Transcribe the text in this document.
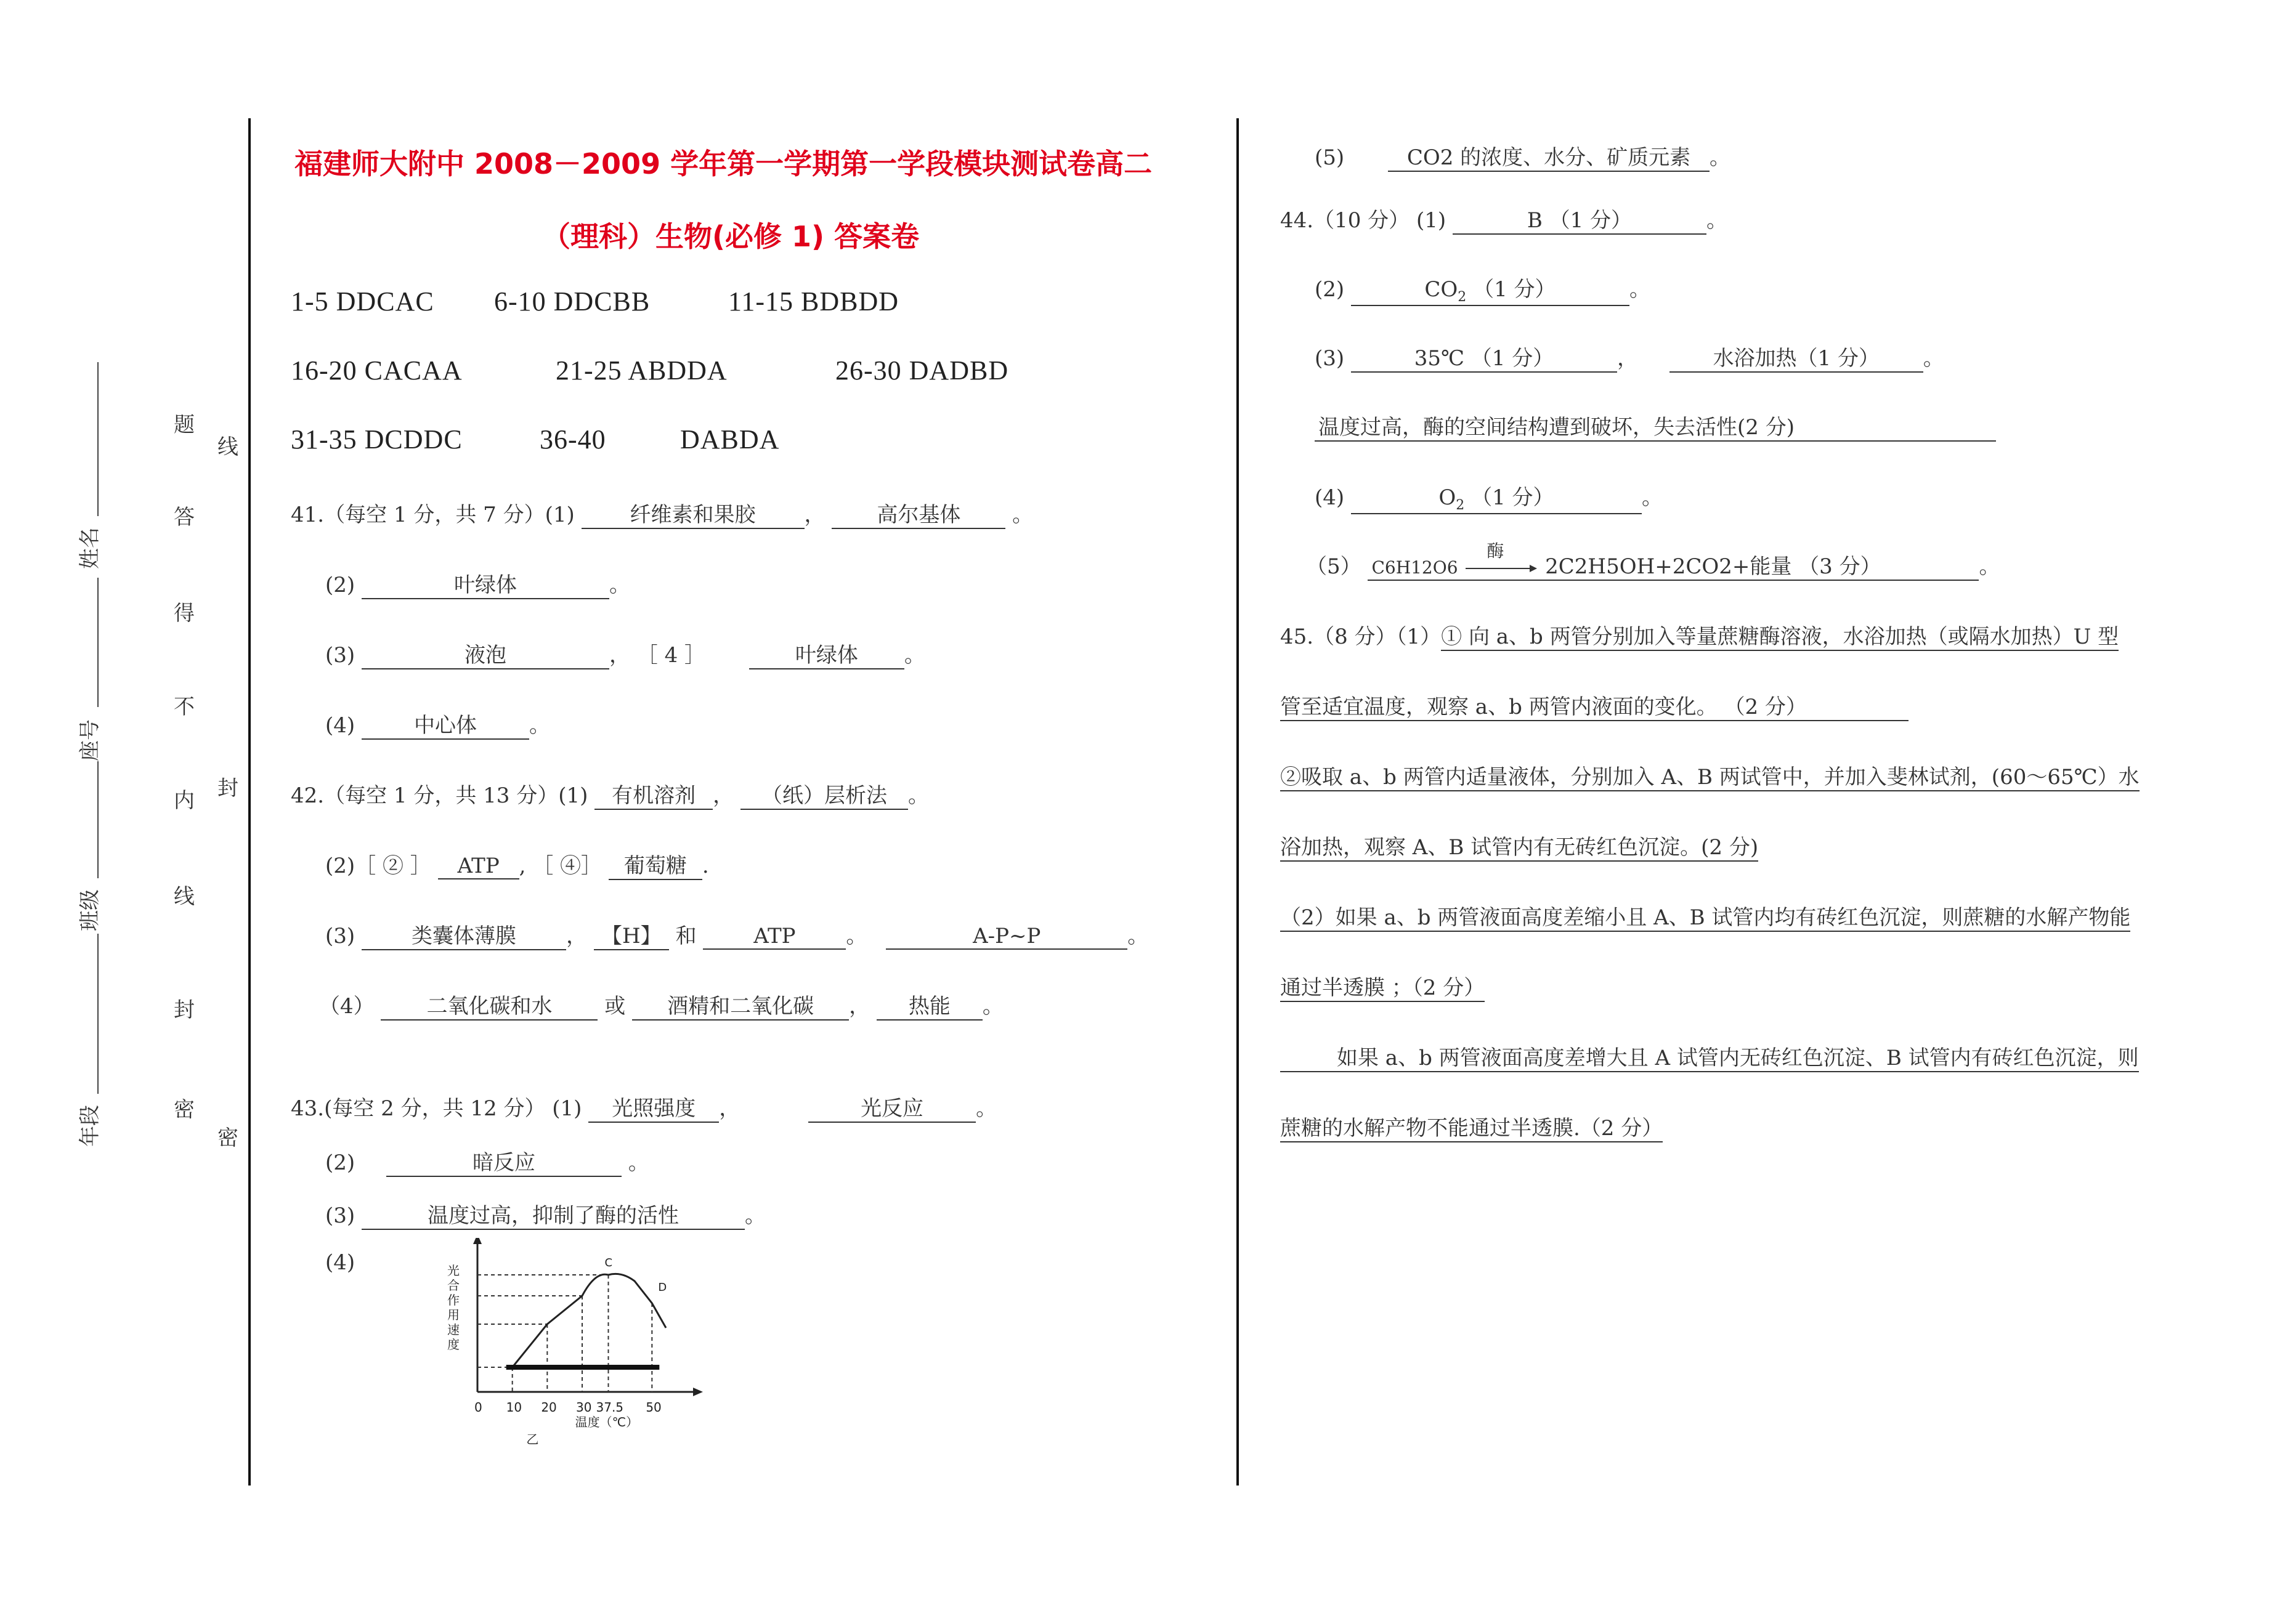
题
答
得
不
内
线
封
密
线
封
密
姓名
座号
班级
年段
福建师大附中 2008－2009 学年第一学期第一学段模块测试卷高二
（理科）生物(必修 1) 答案卷
1-5 DDCAC 6-10 DDCBB	11-15 BDBDD
16-20 CACAA	21-25 ABDDA	26-30 DADBD
31-35 DCDDC	36-40	DABDA
41.（每空 1 分，共 7 分）(1)	纤维素和果胶 ， 高尔基体 。
(2)	叶绿体	。
(3)	液泡	， ［ 4 ］	叶绿体 。
(4)	中心体	。
42.（每空 1 分，共 13 分）(1) 有机溶剂 ， （纸）层析法 。
(2)［ ② ］ ATP , ［ ④］ 葡萄糖 .
(3)	类囊体薄膜 ， 【H】 和	ATP 。	A-P~P	。
（4） 二氧化碳和水 或 酒精和二氧化碳 ， 热能 。
43.(每空 2 分，共 12 分） (1) 光照强度 ，	光反应	。
(2)	暗反应	。
(3)	温度过高，抑制了酶的活性	。
(4)	C
D
0 10 20 30 37.5 50
温度（℃）
乙
光
合
作
用
速
度
(5)	CO2 的浓度、水分、矿质元素 。
44.（10 分） (1)	B （1 分）	。
(2)	$CO_2$ （1 分）	。
(3)	35℃ （1 分）	，	水浴加热（1 分） 。
温度过高，酶的空间结构遭到破坏，失去活性(2 分)
(4)	$O_2$ （1 分）	。
（5） C6H12O6
酶
2C2H5OH+2CO2+能量 （3 分）	。
45.（8 分）（1）① 向 a、b 两管分别加入等量蔗糖酶溶液，水浴加热（或隔水加热）U 型
管至适宜温度，观察 a、b 两管内液面的变化。 （2 分）
②吸取 a、b 两管内适量液体，分别加入 A、B 两试管中，并加入斐林试剂，(60～65℃）水
浴加热，观察 A、B 试管内有无砖红色沉淀。(2 分)
（2）如果 a、b 两管液面高度差缩小且 A、B 试管内均有砖红色沉淀，则蔗糖的水解产物能
通过半透膜 ；（2 分）
如果 a、b 两管液面高度差增大且 A 试管内无砖红色沉淀、B 试管内有砖红色沉淀，则
蔗糖的水解产物不能通过半透膜.（2 分）
